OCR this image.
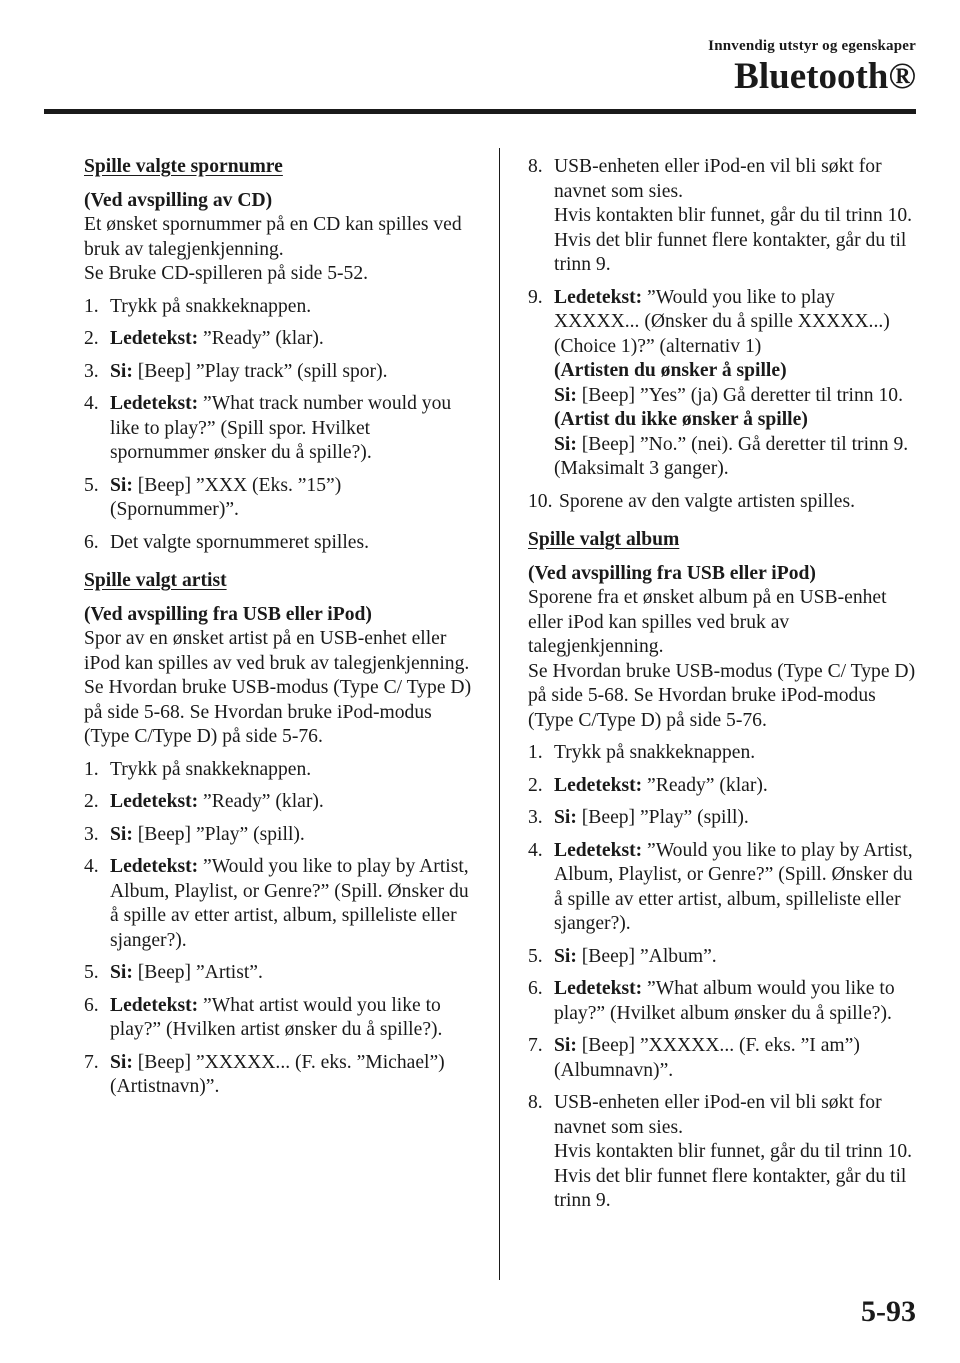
Innvendig utstyr og egenskaper
Bluetooth®
Spille valgte spornumre
(Ved avspilling av CD)
Et ønsket spornummer på en CD kan spilles ved bruk av talegjenkjenning.
Se Bruke CD-spilleren på side 5-52.
1. Trykk på snakkeknappen.
2. Ledetekst: ”Ready” (klar).
3. Si: [Beep] ”Play track” (spill spor).
4. Ledetekst: ”What track number would you like to play?” (Spill spor. Hvilket spornummer ønsker du å spille?).
5. Si: [Beep] ”XXX (Eks. ”15”) (Spornummer)”.
6. Det valgte spornummeret spilles.
Spille valgt artist
(Ved avspilling fra USB eller iPod)
Spor av en ønsket artist på en USB-enhet eller iPod kan spilles av ved bruk av talegjenkjenning.
Se Hvordan bruke USB-modus (Type C/ Type D) på side 5-68. Se Hvordan bruke iPod-modus (Type C/Type D) på side 5-76.
1. Trykk på snakkeknappen.
2. Ledetekst: ”Ready” (klar).
3. Si: [Beep] ”Play” (spill).
4. Ledetekst: ”Would you like to play by Artist, Album, Playlist, or Genre?” (Spill. Ønsker du å spille av etter artist, album, spilleliste eller sjanger?).
5. Si: [Beep] ”Artist”.
6. Ledetekst: ”What artist would you like to play?” (Hvilken artist ønsker du å spille?).
7. Si: [Beep] ”XXXXX... (F. eks. ”Michael”) (Artistnavn)”.
8. USB-enheten eller iPod-en vil bli søkt for navnet som sies.
Hvis kontakten blir funnet, går du til trinn 10.
Hvis det blir funnet flere kontakter, går du til trinn 9.
9. Ledetekst: ”Would you like to play XXXXX... (Ønsker du å spille XXXXX...) (Choice 1)?” (alternativ 1)
(Artisten du ønsker å spille)
Si: [Beep] ”Yes” (ja) Gå deretter til trinn 10.
(Artist du ikke ønsker å spille)
Si: [Beep] ”No.” (nei). Gå deretter til trinn 9. (Maksimalt 3 ganger).
10. Sporene av den valgte artisten spilles.
Spille valgt album
(Ved avspilling fra USB eller iPod)
Sporene fra et ønsket album på en USB-enhet eller iPod kan spilles ved bruk av talegjenkjenning.
Se Hvordan bruke USB-modus (Type C/ Type D) på side 5-68. Se Hvordan bruke iPod-modus (Type C/Type D) på side 5-76.
1. Trykk på snakkeknappen.
2. Ledetekst: ”Ready” (klar).
3. Si: [Beep] ”Play” (spill).
4. Ledetekst: ”Would you like to play by Artist, Album, Playlist, or Genre?” (Spill. Ønsker du å spille av etter artist, album, spilleliste eller sjanger?).
5. Si: [Beep] ”Album”.
6. Ledetekst: ”What album would you like to play?” (Hvilket album ønsker du å spille?).
7. Si: [Beep] ”XXXXX... (F. eks. ”I am”) (Albumnavn)”.
8. USB-enheten eller iPod-en vil bli søkt for navnet som sies.
Hvis kontakten blir funnet, går du til trinn 10.
Hvis det blir funnet flere kontakter, går du til trinn 9.
5-93
